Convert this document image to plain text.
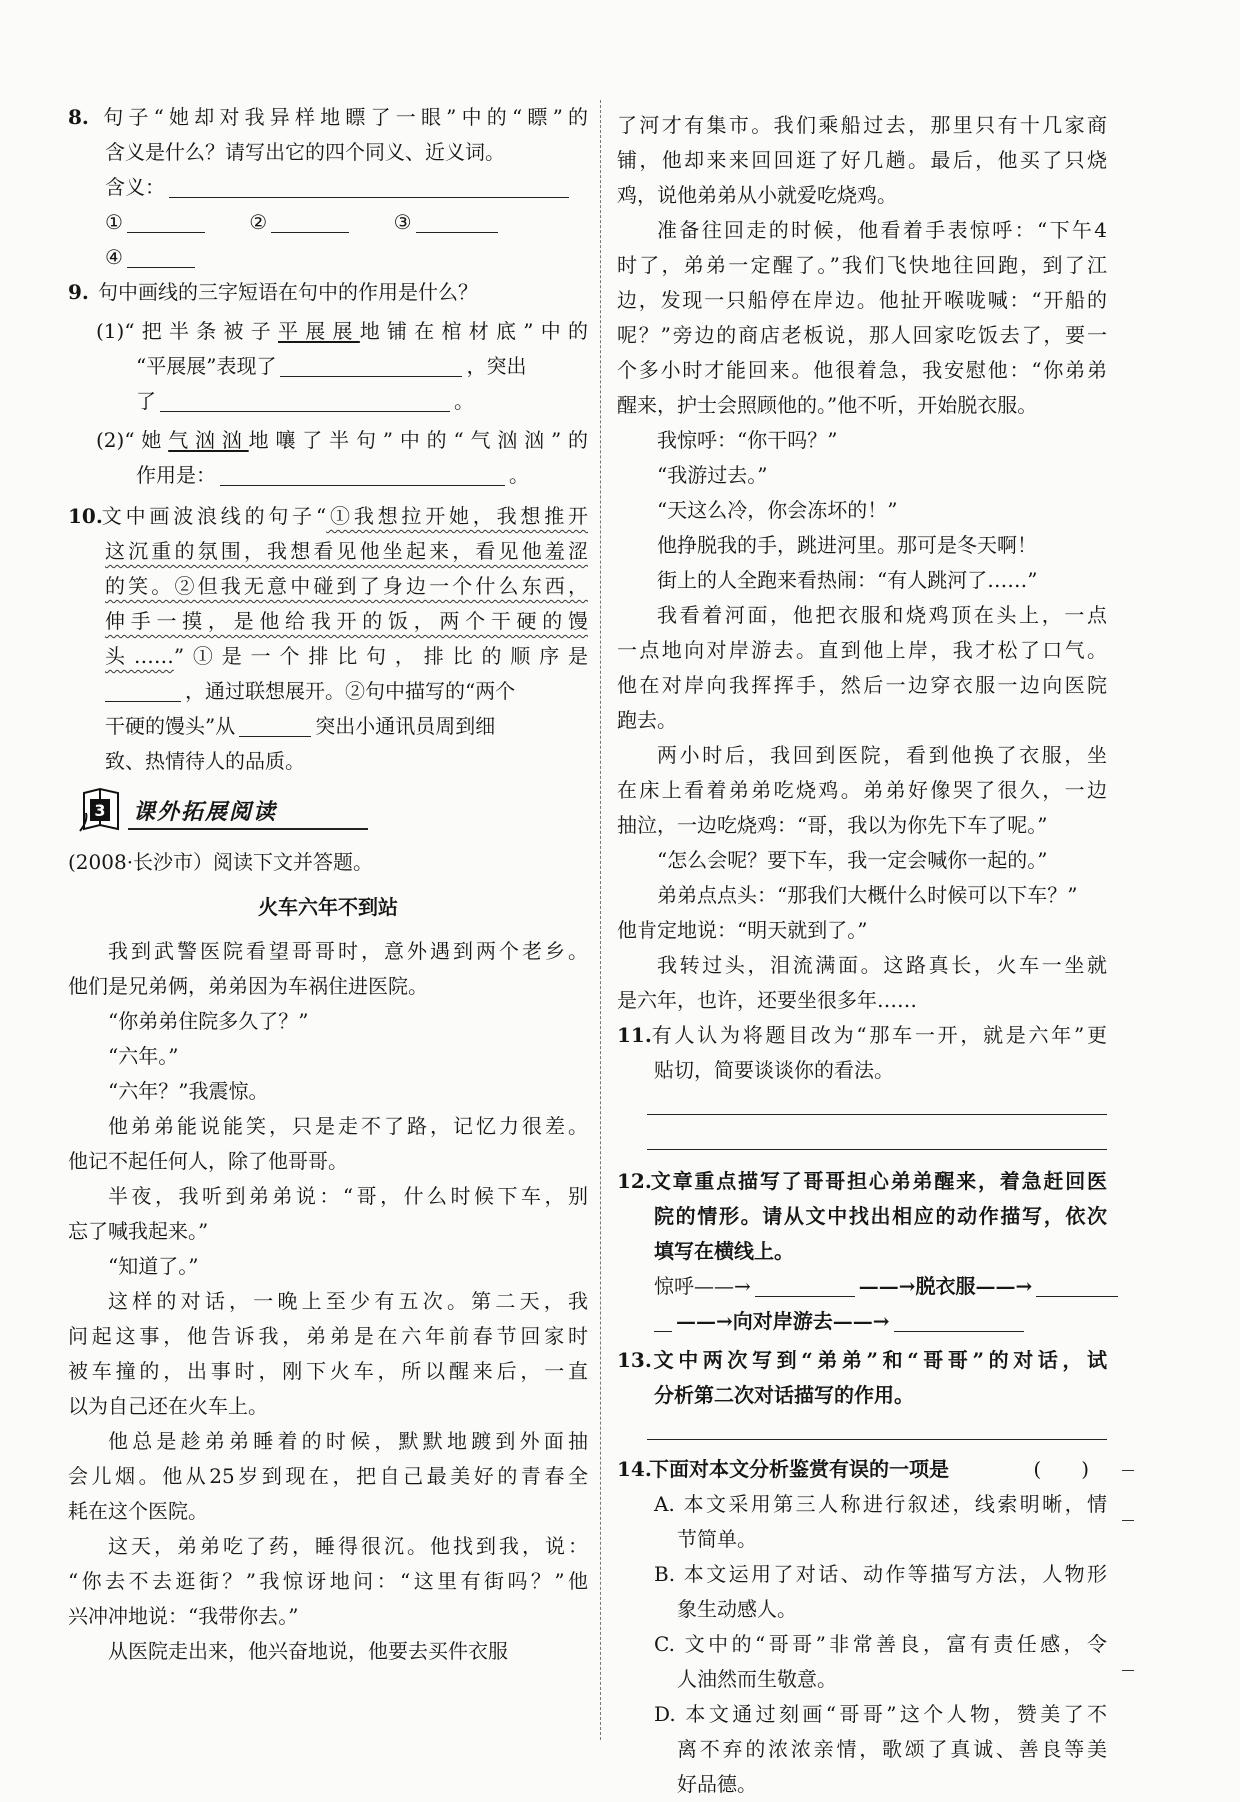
8. 句子“她却对我异样地瞟了一眼”中的“瞟”的
含义是什么？请写出它的四个同义、近义词。
含义：
①	②	③
④
9. 句中画线的三字短语在句中的作用是什么？
(1)“把半条被子平展展地铺在棺材底”中的
“平展展”表现了	，突出
了	。
(2)“她气汹汹地嚷了半句”中的“气汹汹”的
作用是：	。
10.文中画波浪线的句子“①我想拉开她，我想推开
这沉重的氛围，我想看见他坐起来，看见他羞涩
的笑。②但我无意中碰到了身边一个什么东西，
伸手一摸，是他给我开的饭，两个干硬的馒
头……”①是一个排比句，排比的顺序是
，通过联想展开。②句中描写的“两个
干硬的馒头”从	突出小通讯员周到细
致、热情待人的品质。
3 课外拓展阅读
(2008·长沙市）阅读下文并答题。
火车六年不到站
我到武警医院看望哥哥时，意外遇到两个老乡。
他们是兄弟俩，弟弟因为车祸住进医院。
“你弟弟住院多久了？”
“六年。”
“六年？”我震惊。
他弟弟能说能笑，只是走不了路，记忆力很差。
他记不起任何人，除了他哥哥。
半夜，我听到弟弟说：“哥，什么时候下车，别
忘了喊我起来。”
“知道了。”
这样的对话，一晚上至少有五次。第二天，我
问起这事，他告诉我，弟弟是在六年前春节回家时
被车撞的，出事时，刚下火车，所以醒来后，一直
以为自己还在火车上。
他总是趁弟弟睡着的时候，默默地踱到外面抽
会儿烟。他从25岁到现在，把自己最美好的青春全
耗在这个医院。
这天，弟弟吃了药，睡得很沉。他找到我，说：
“你去不去逛街？”我惊讶地问：“这里有街吗？”他
兴冲冲地说：“我带你去。”
从医院走出来，他兴奋地说，他要去买件衣服
了河才有集市。我们乘船过去，那里只有十几家商
铺，他却来来回回逛了好几趟。最后，他买了只烧
鸡，说他弟弟从小就爱吃烧鸡。
准备往回走的时候，他看着手表惊呼：“下午4
时了，弟弟一定醒了。”我们飞快地往回跑，到了江
边，发现一只船停在岸边。他扯开喉咙喊：“开船的
呢？”旁边的商店老板说，那人回家吃饭去了，要一
个多小时才能回来。他很着急，我安慰他：“你弟弟
醒来，护士会照顾他的。”他不听，开始脱衣服。
我惊呼：“你干吗？”
“我游过去。”
“天这么冷，你会冻坏的！”
他挣脱我的手，跳进河里。那可是冬天啊！
街上的人全跑来看热闹：“有人跳河了……”
我看着河面，他把衣服和烧鸡顶在头上，一点
一点地向对岸游去。直到他上岸，我才松了口气。
他在对岸向我挥挥手，然后一边穿衣服一边向医院
跑去。
两小时后，我回到医院，看到他换了衣服，坐
在床上看着弟弟吃烧鸡。弟弟好像哭了很久，一边
抽泣，一边吃烧鸡：“哥，我以为你先下车了呢。”
“怎么会呢？要下车，我一定会喊你一起的。”
弟弟点点头：“那我们大概什么时候可以下车？”
他肯定地说：“明天就到了。”
我转过头，泪流满面。这路真长，火车一坐就
是六年，也许，还要坐很多年……
11.有人认为将题目改为“那车一开，就是六年”更
贴切，简要谈谈你的看法。
12.文章重点描写了哥哥担心弟弟醒来，着急赶回医
院的情形。请从文中找出相应的动作描写，依次
填写在横线上。
惊呼——→	——→脱衣服——→
——→向对岸游去——→
13.文中两次写到“弟弟”和“哥哥”的对话，试
分析第二次对话描写的作用。
14.下面对本文分析鉴赏有误的一项是	(　　)
A. 本文采用第三人称进行叙述，线索明晰，情
节简单。
B. 本文运用了对话、动作等描写方法，人物形
象生动感人。
C. 文中的“哥哥”非常善良，富有责任感，令
人油然而生敬意。
D. 本文通过刻画“哥哥”这个人物，赞美了不
离不弃的浓浓亲情，歌颂了真诚、善良等美
好品德。
